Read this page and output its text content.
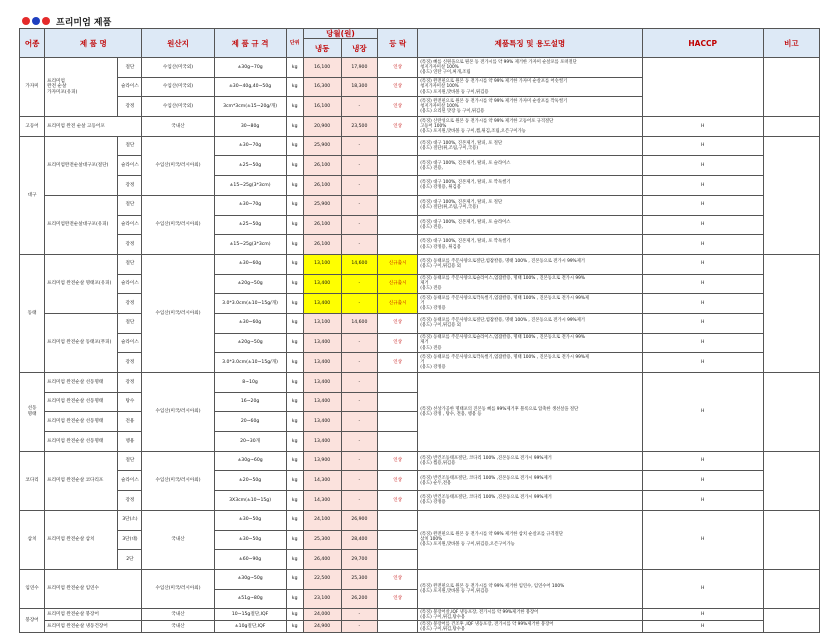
프리미엄 제품
어종	제 품 명		원산지	제 품 규 격	단위	당월(원)		등 락	제품특징 및 용도설명	HACCP	비고
						냉동	냉장				
가자미	프리미엄
완전 순살
가자미포(유피)	절단	수입산(미국외)	±30g~70g	kg	16,100	17,900	인상	(특징) 뼈를 신원을으로 뭔본 동 전가시를 약 99% 제거한 가자미 순살포를 포떠절단
청지가자미살 100%
(용도) 연탄 구이,찌개,조림		
		슬라이스	수입산(미국외)	±30~40g,40~50g	kg	16,300	18,300	인상	(특징) 완전핀으로 원본 동 전가시를 약 99% 제거한 가자미 순살포를 어슷썰기
청지가자미살 100%
(용도) 포지원,맛바볼 등 구이,튀김용		
		강정	수입산(미국외)	3cm*3cm(±15~20g/개)	kg	16,100	-	인상	(특징) 완전핀으로 원본 동 전가시를 약 99% 제거한 가자미 순살포를 깍둑썰기
청지가자미살 100%
(용도) 요리된 맛장 등 구이,튀김용		
고등어	프리미엄 완전 순살 고등어포		국내산	30~80g	kg	20,900	23,500	인상	(특징) 산란성으로 원본 동 전가시를 약 99% 제거한 고등어포 규격절단
고등어 100%
(용도) 포지원,맛바볼 등 구이,찜,튀김,조림,오븐구이가능	H	
대구	프리미엄완전순살대구포(절단)	절단	수입산(미국/러시아외)	±30~70g	kg	25,900	-		(특징) 대구 100%, 진본제거, 탈피, 포 절단
(용도) 절단(튀,조림,구이,국용)	H	
		슬라이스		±25~50g	kg	26,100	-		(특징) 대구 100%, 진본제거, 탈피, 포 슬라이스
(용도) 전용,	H	
		강정		±15~25g(3*3cm)	kg	26,100	-		(특징) 대구 100%, 진본제거, 탈피, 포 깍둑썰기
(용도) 강정용, 튀김용	H	
	프리미엄완전순살대구포(유피)	절단	수입산(미국/러시아외)	±30~70g	kg	25,900	-		(특징) 대구 100%, 진본제거, 탈피, 포 절단
(용도) 절단(튀,조림,구이,국용)	H	
		슬라이스		±25~50g	kg	26,100	-		(특징) 대구 100%, 진본제거, 탈피, 포 슬라이스
(용도) 전용,	H	
		강정		±15~25g(3*3cm)	kg	26,100	-		(특징) 대구 100%, 진본제거, 탈피, 포 깍둑썰기
(용도) 강정용, 튀김용	H	
동태	프리미엄 완전순살 명태포(유피)	절단	수입산(미국/러시아외)	±30~60g	kg	13,100	14,600	신규출시	(특징) 동태포를 주문사양으로절단,염잡칼용, 명태 100% , 진본동으로 전가시 99%제거
(용도) 구이,튀김용 외	H	
		슬라이스		±20g~50g	kg	13,400	-	신규출시	(특징) 동태포를 주문사양으로슬라이스,염잡칼용, 명태 100% , 진본동으로 전가시 99%
제거
(용도) 전용	H	
		강정		3.0*3.0cm(±10~15g/개)	kg	13,400	-	신규출시	(특징) 동태포를 주문사양으로깍둑썰기,염잡칼용, 명태 100% , 진본동으로 전가시 99%제
거
(용도) 강정용	H	
	프리미엄 완전순살 동태포(무피)	절단		±30~60g	kg	13,100	14,600	인상	(특징) 동태포를 주문사양으로절단,염잡칼용, 명태 100% , 진본동으로 전가시 99%제거
(용도) 구이,튀김용 외	H	
		슬라이스		±20g~50g	kg	13,400	-	인상	(특징) 동태포를 주문사양으로슬라이스,염잡칼용, 명태 100% , 진본동으로 전가시 99%
제거
(용도) 전용	H	
		강정		3.0*3.0cm(±10~15g/개)	kg	13,400	-	인상	(특징) 동태포를 주문사양으로깍둑썰기,염잡칼용, 명태 100% , 진본동으로 전가시 99%제
거
(용도) 강정용	H	
선동
명태	프리미엄 완전순살 선동명태	강정	수입산(미국/러시아외)	8~10g	kg	13,400	-		(특징) 선상가공한 명태포의 진본동 뼈를 99%제거후 블록으로 압축한 생선살을 절단
(용도) 강정 , 탕수, 전용, 땡용 등	H	
	프리미엄 완전순살 선동명태	탕수		16~20g	kg	13,400	-				
	프리미엄 완전순살 선동명태	전용		20~60g	kg	13,400	-				
	프리미엄 완전순살 선동명태	땡용		20~30개	kg	13,400	-				
코다리	프리미엄 완전순살 코다리포	절단	수입산(미국/러시아외)	±30g~60g	kg	13,900	-	인상	(특징) 반건조동태포절단, 코다리 100% ,진본동으로 전가시 99%제거
(용도) 찜용,튀김용	H	
		슬라이스		±20~50g	kg	14,300	-	인상	(특징) 반건조동태포절단, 코다리 100% ,진본동으로 전가시 99%제거
(용도) 순두,전용	H	
		강정		3X3cm(±10~15g)	kg	14,300	-	인상	(특징) 반건조동태포절단, 코다리 100% ,진본동으로 전가시 99%제거
(용도) 강정용	H	
삼치	프리미엄 완전순살 삼치	3단(소)	국내산	±30~50g	kg	24,100	26,900		(특징) 완전핀으로 원본 동 전가시를 약 99% 제거한 삼치 순살포를 규격절단
삼치 100%
(용도) 포지원,맛바볼 등 구이,튀김용,오븐구이가능	H	
		3단(대)		±30~50g	kg	25,300	28,400				
		2단		±60~90g	kg	26,400	29,700				
임연수	프리미엄 완전순살 임연수		수입산(미국/러시아외)	±30g~50g	kg	22,500	25,300	인상	(특징) 완전핀으로 원본 동 전가시를 약 99% 제거한 임연수, 임연수어 100%
(용도) 포지원,맛바볼 등 구이,튀김용	H	
				±51g~80g	kg	23,100	26,200	인상			
붕장어	프리미엄 완전순살 붕장어		국내산	10~15g절단,IQF	kg	24,000	-		(특징) 붕장어살,IQF 냉동포장, 전가시를 약 99%제거한 붕장어
(용도) 구이,튀김,탕수용	H	
	프리미엄 완전순살 냉동건장어		국내산	±10g절단,IQF	kg	24,900	-		(특징) 붕장어를 건조후 ,IQF 냉동포장, 전가시를 약 99%제거한 붕장어
(용도) 구이,튀김,탕수용	H	
